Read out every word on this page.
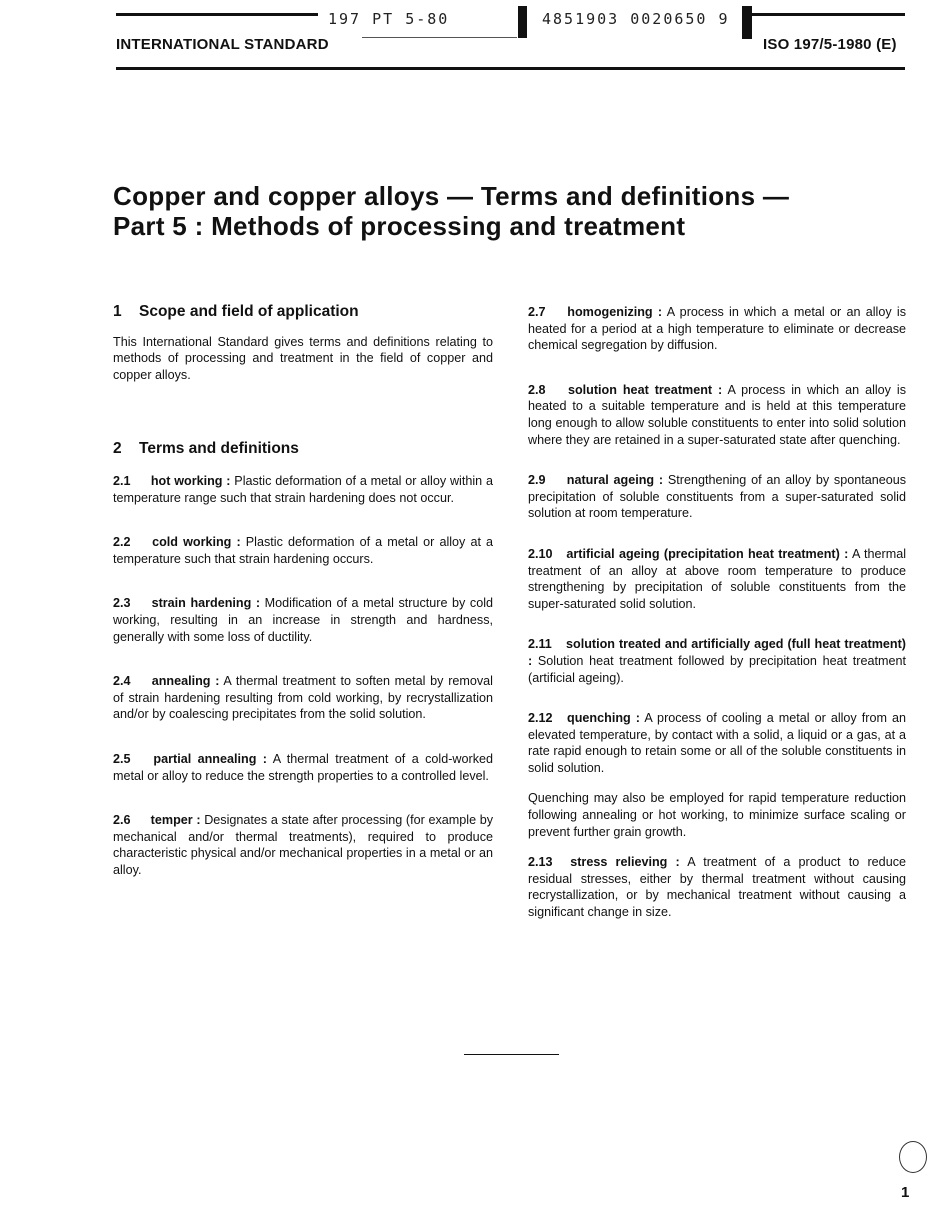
197 PT 5-80	4851903 0020650 9
INTERNATIONAL STANDARD	ISO 197/5-1980 (E)
Copper and copper alloys — Terms and definitions —
Part 5 : Methods of processing and treatment
1 Scope and field of application

This International Standard gives terms and definitions relating to methods of processing and treatment in the field of copper and copper alloys.

2 Terms and definitions

2.1 hot working : Plastic deformation of a metal or alloy within a temperature range such that strain hardening does not occur.

2.2 cold working : Plastic deformation of a metal or alloy at a temperature such that strain hardening occurs.

2.3 strain hardening : Modification of a metal structure by cold working, resulting in an increase in strength and hardness, generally with some loss of ductility.

2.4 annealing : A thermal treatment to soften metal by removal of strain hardening resulting from cold working, by recrystallization and/or by coalescing precipitates from the solid solution.

2.5 partial annealing : A thermal treatment of a cold-worked metal or alloy to reduce the strength properties to a controlled level.

2.6 temper : Designates a state after processing (for example by mechanical and/or thermal treatments), required to produce characteristic physical and/or mechanical properties in a metal or an alloy.

2.7 homogenizing : A process in which a metal or an alloy is heated for a period at a high temperature to eliminate or decrease chemical segregation by diffusion.

2.8 solution heat treatment : A process in which an alloy is heated to a suitable temperature and is held at this temperature long enough to allow soluble constituents to enter into solid solution where they are retained in a super-saturated state after quenching.

2.9 natural ageing : Strengthening of an alloy by spontaneous precipitation of soluble constituents from a super-saturated solid solution at room temperature.

2.10 artificial ageing (precipitation heat treatment) : A thermal treatment of an alloy at above room temperature to produce strengthening by precipitation of soluble constituents from the super-saturated solid solution.

2.11 solution treated and artificially aged (full heat treatment) : Solution heat treatment followed by precipitation heat treatment (artificial ageing).

2.12 quenching : A process of cooling a metal or alloy from an elevated temperature, by contact with a solid, a liquid or a gas, at a rate rapid enough to retain some or all of the soluble constituents in solid solution.

Quenching may also be employed for rapid temperature reduction following annealing or hot working, to minimize surface scaling or prevent further grain growth.

2.13 stress relieving : A treatment of a product to reduce residual stresses, either by thermal treatment without causing recrystallization, or by mechanical treatment without causing a significant change in size.

1
